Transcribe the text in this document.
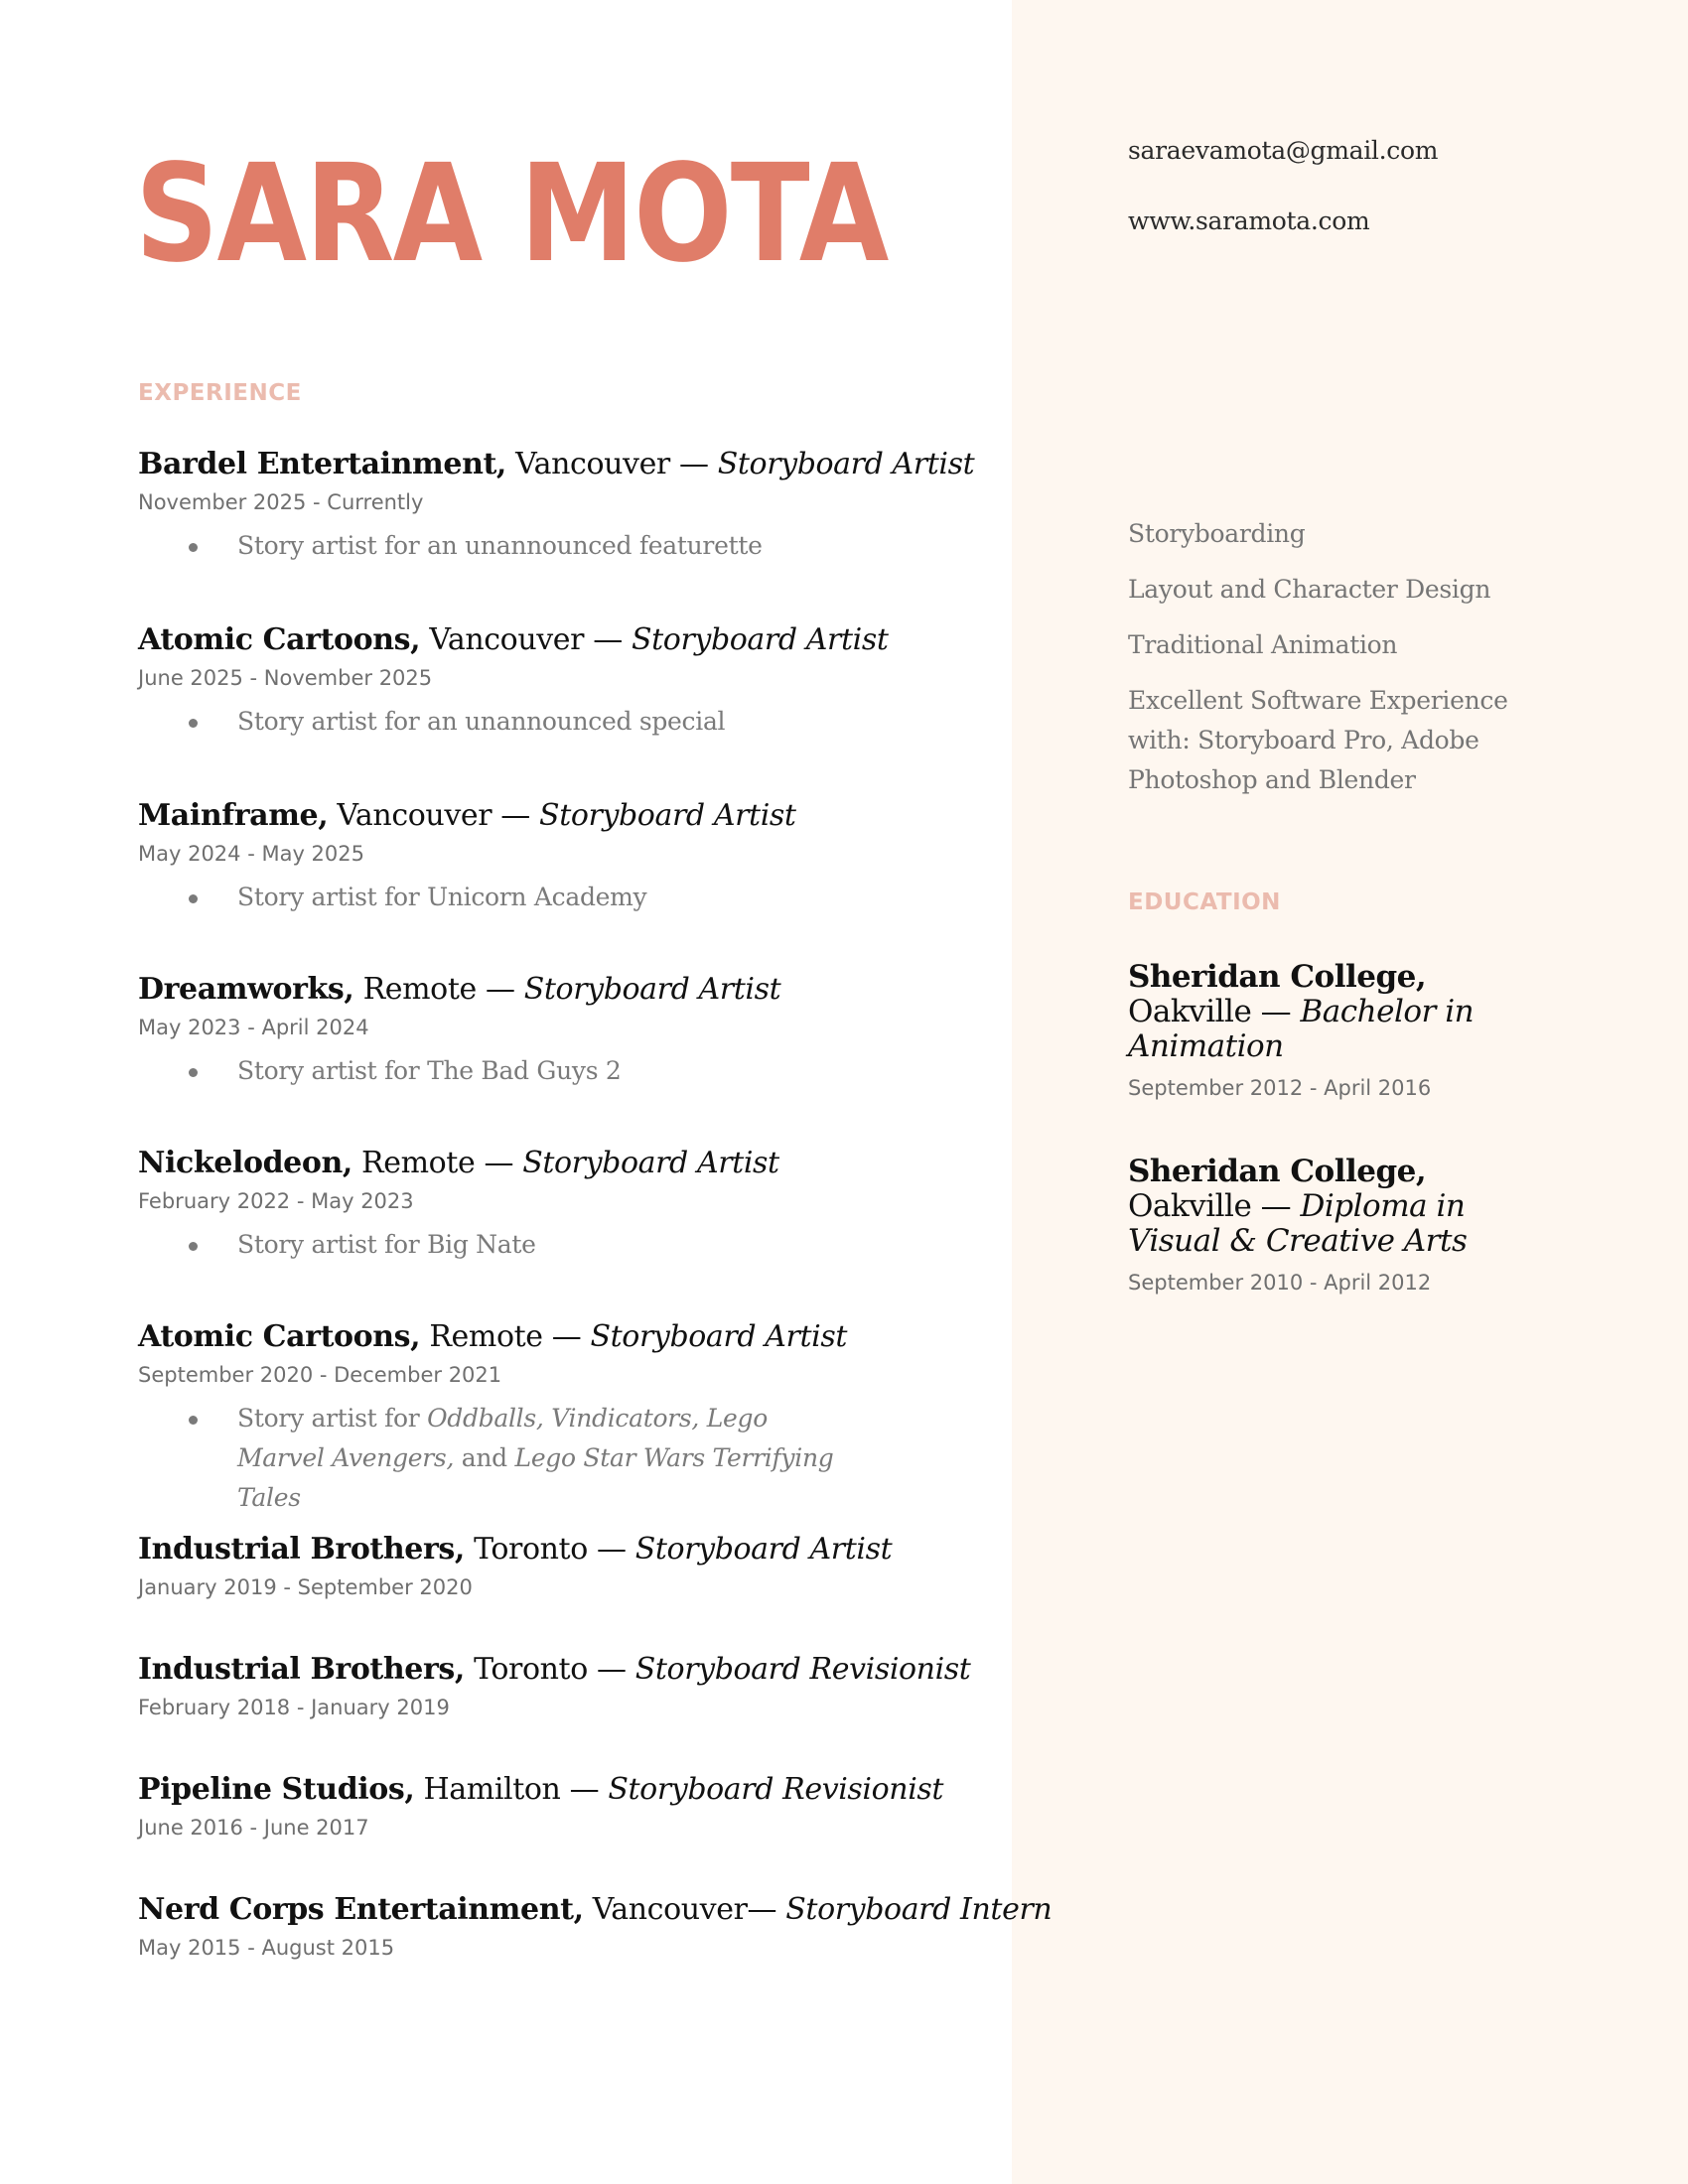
SARA MOTA	saraevamota@gmail.com
www.saramota.com
EXPERIENCE
Bardel Entertainment, Vancouver — Storyboard Artist
November 2025 - Currently
Story artist for an unannounced featurette
Atomic Cartoons, Vancouver — Storyboard Artist
June 2025 - November 2025
Story artist for an unannounced special
Mainframe, Vancouver — Storyboard Artist
May 2024 - May 2025
Story artist for Unicorn Academy
Dreamworks, Remote — Storyboard Artist
May 2023 - April 2024
Story artist for The Bad Guys 2
Nickelodeon, Remote — Storyboard Artist
February 2022 - May 2023
Story artist for Big Nate
Atomic Cartoons, Remote — Storyboard Artist
September 2020 - December 2021
Story artist for Oddballs, Vindicators, Lego Marvel Avengers, and Lego Star Wars Terrifying Tales
Industrial Brothers, Toronto — Storyboard Artist
January 2019 - September 2020
Industrial Brothers, Toronto — Storyboard Revisionist
February 2018 - January 2019
Pipeline Studios, Hamilton — Storyboard Revisionist
June 2016 - June 2017
Nerd Corps Entertainment, Vancouver— Storyboard Intern
May 2015 - August 2015
Storyboarding
Layout and Character Design
Traditional Animation
Excellent Software Experience with: Storyboard Pro, Adobe Photoshop and Blender
EDUCATION
Sheridan College, Oakville — Bachelor in Animation
September 2012 - April 2016
Sheridan College, Oakville — Diploma in Visual & Creative Arts
September 2010 - April 2012
